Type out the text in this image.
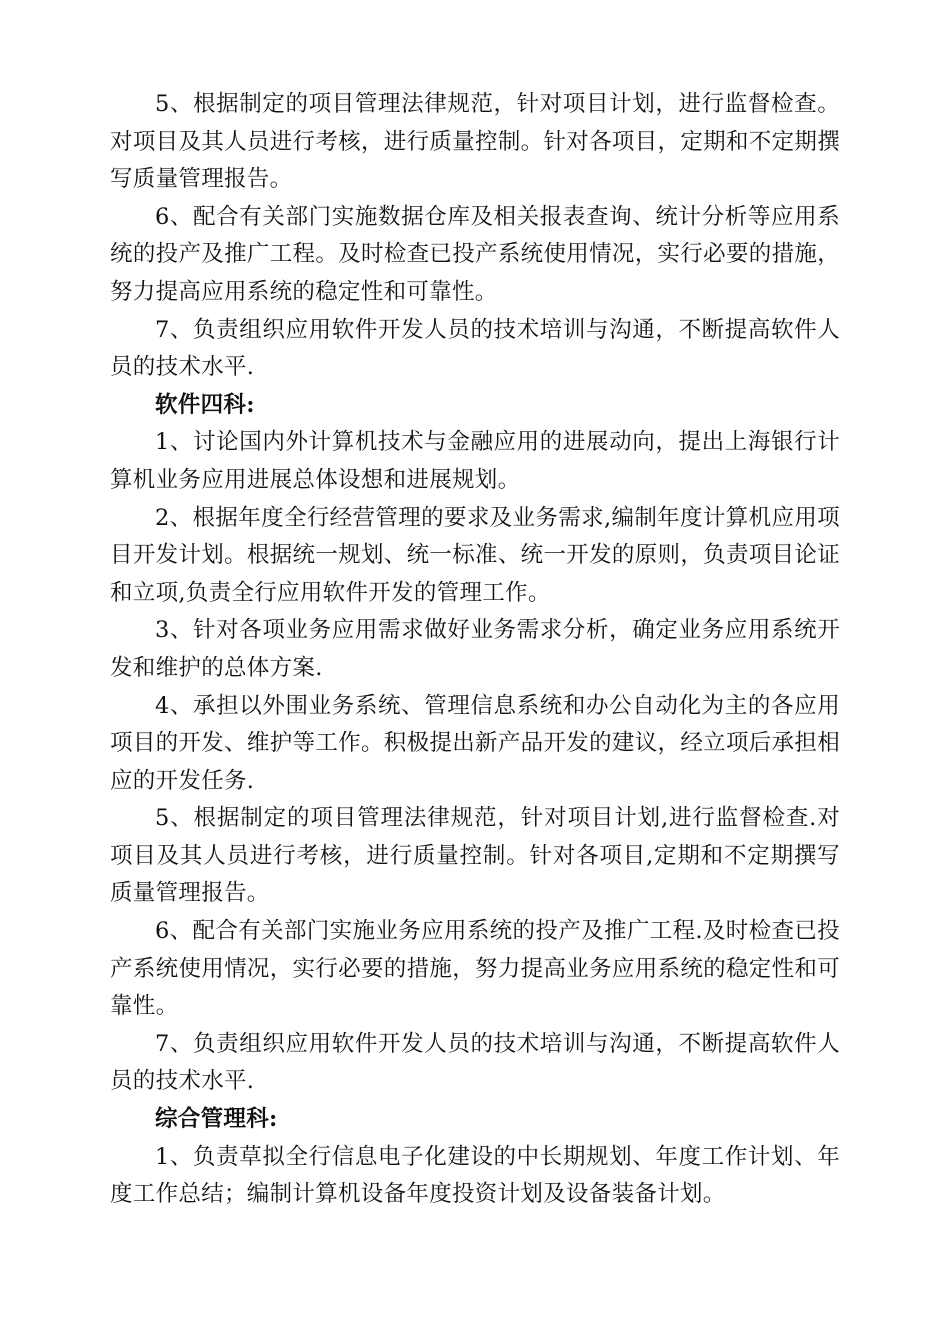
5、根据制定的项目管理法律规范，针对项目计划，进行监督检查。对项目及其人员进行考核，进行质量控制。针对各项目，定期和不定期撰写质量管理报告。

6、配合有关部门实施数据仓库及相关报表查询、统计分析等应用系统的投产及推广工程。及时检查已投产系统使用情况，实行必要的措施，努力提高应用系统的稳定性和可靠性。

7、负责组织应用软件开发人员的技术培训与沟通，不断提高软件人员的技术水平.

软件四科:

1、讨论国内外计算机技术与金融应用的进展动向，提出上海银行计算机业务应用进展总体设想和进展规划。

2、根据年度全行经营管理的要求及业务需求,编制年度计算机应用项目开发计划。根据统一规划、统一标准、统一开发的原则，负责项目论证和立项,负责全行应用软件开发的管理工作。

3、针对各项业务应用需求做好业务需求分析，确定业务应用系统开发和维护的总体方案.

4、承担以外围业务系统、管理信息系统和办公自动化为主的各应用项目的开发、维护等工作。积极提出新产品开发的建议，经立项后承担相应的开发任务.

5、根据制定的项目管理法律规范，针对项目计划,进行监督检查.对项目及其人员进行考核，进行质量控制。针对各项目,定期和不定期撰写质量管理报告。

6、配合有关部门实施业务应用系统的投产及推广工程.及时检查已投产系统使用情况，实行必要的措施，努力提高业务应用系统的稳定性和可靠性。

7、负责组织应用软件开发人员的技术培训与沟通，不断提高软件人员的技术水平.

综合管理科:

1、负责草拟全行信息电子化建设的中长期规划、年度工作计划、年度工作总结；编制计算机设备年度投资计划及设备装备计划。
